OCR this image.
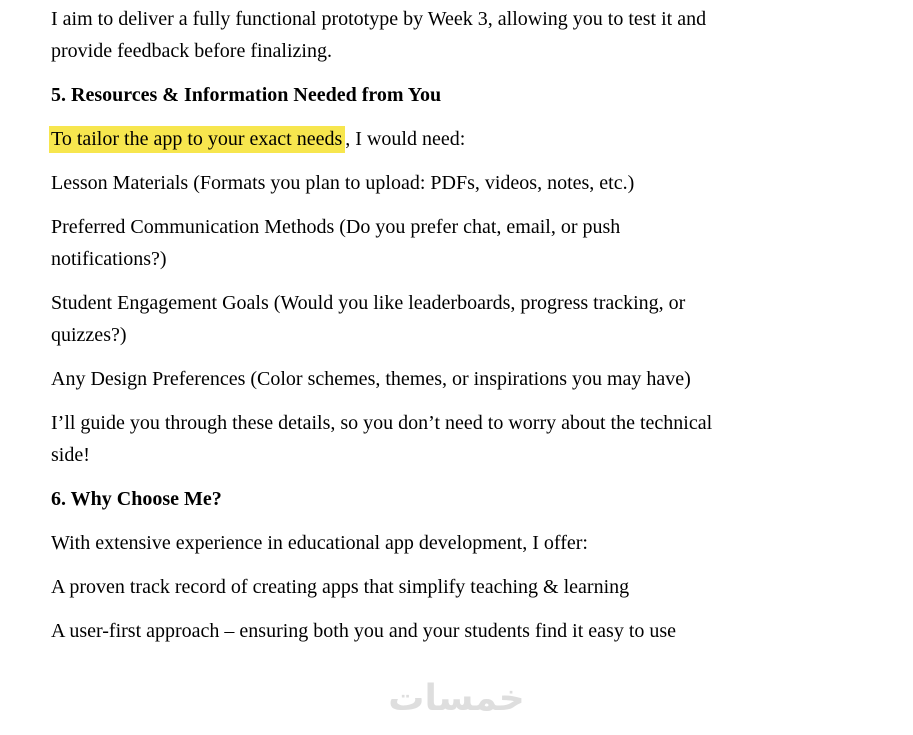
I aim to deliver a fully functional prototype by Week 3, allowing you to test it and
provide feedback before finalizing.

5. Resources & Information Needed from You

To tailor the app to your exact needs , I would need:

Lesson Materials (Formats you plan to upload: PDFs, videos, notes, etc.)

Preferred Communication Methods (Do you prefer chat, email, or push
notifications?)

Student Engagement Goals (Would you like leaderboards, progress tracking, or
quizzes?)

Any Design Preferences (Color schemes, themes, or inspirations you may have)

I’ll guide you through these details, so you don’t need to worry about the technical
side!

6. Why Choose Me?

With extensive experience in educational app development, I offer:

A proven track record of creating apps that simplify teaching & learning

A user-first approach – ensuring both you and your students find it easy to use

خمسات
